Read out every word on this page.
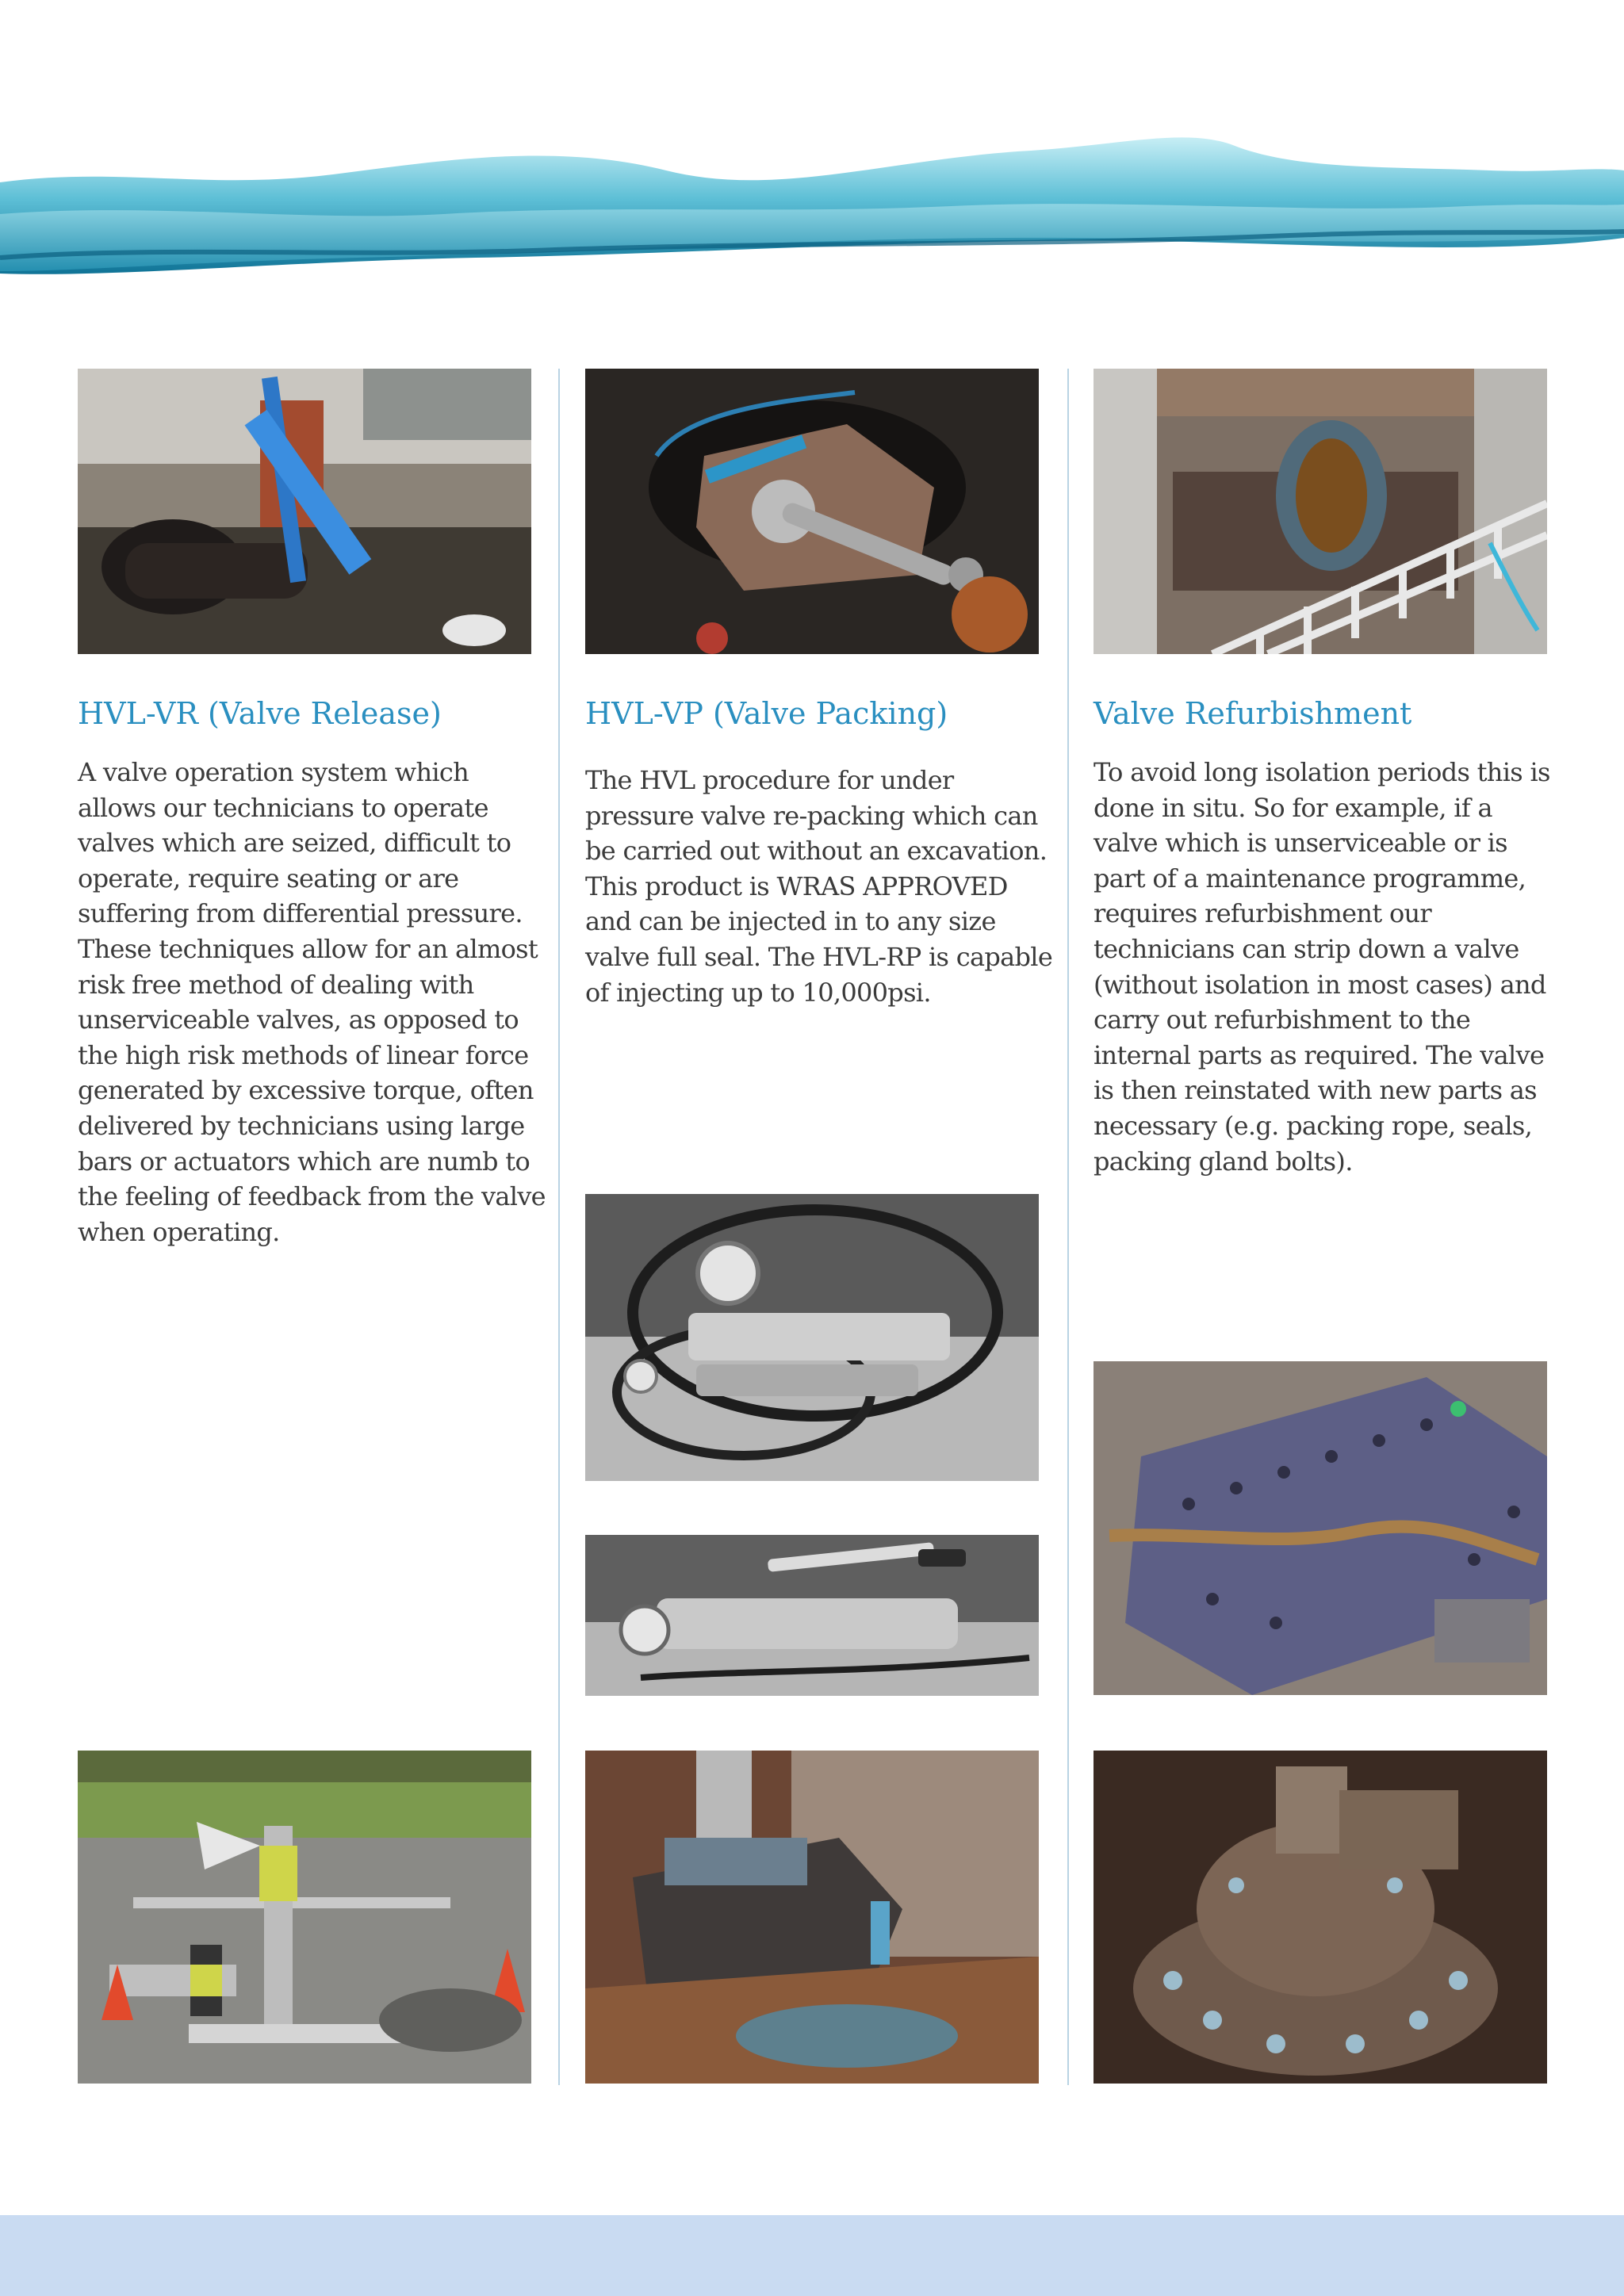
HVL-VR (Valve Release)	HVL-VP (Valve Packing)	Valve Refurbishment

A valve operation system which allows our technicians to operate valves which are seized, difficult to operate, require seating or are suffering from differential pressure. These techniques allow for an almost risk free method of dealing with unserviceable valves, as opposed to the high risk methods of linear force generated by excessive torque, often delivered by technicians using large bars or actuators which are numb to the feeling of feedback from the valve when operating.

The HVL procedure for under pressure valve re-packing which can be carried out without an excavation. This product is WRAS APPROVED and can be injected in to any size valve full seal. The HVL-RP is capable of injecting up to 10,000psi.

To avoid long isolation periods this is done in situ. So for example, if a valve which is unserviceable or is part of a maintenance programme, requires refurbishment our technicians can strip down a valve (without isolation in most cases) and carry out refurbishment to the internal parts as required. The valve is then reinstated with new parts as necessary (e.g. packing rope, seals, packing gland bolts).
